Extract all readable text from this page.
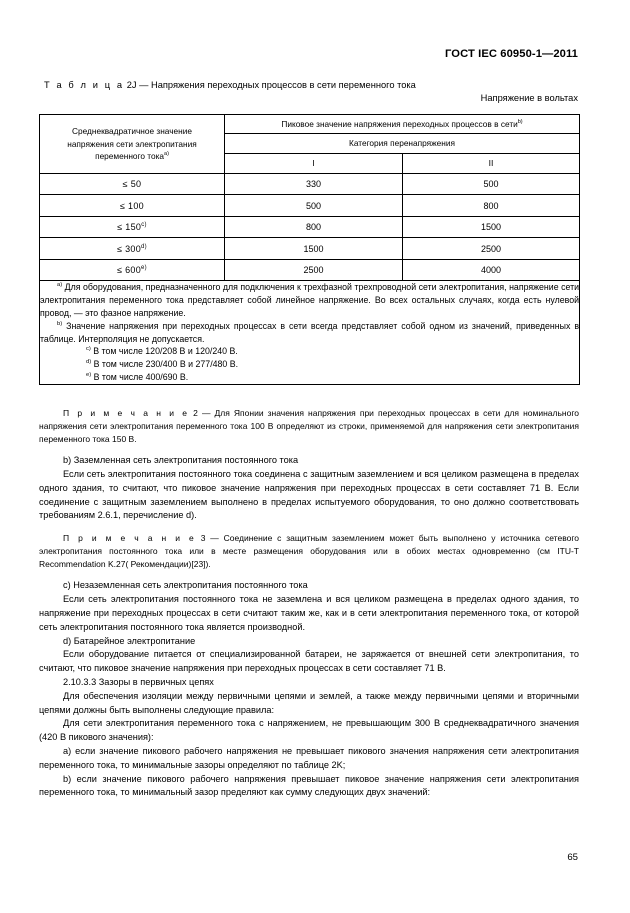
ГОСТ IEC 60950-1—2011
Т а б л и ц а 2J — Напряжения переходных процессов в сети переменного тока
Напряжение в вольтах
Среднеквадратичное значение напряжения сети электропитания переменного тока$^{a)}$	Пиковое значение напряжения переходных процессов в сети$^{b)}$
	Категория перенапряжения	
	I	II
≤ 50	330	500
≤ 100	500	800
≤ $150^{c)}$	800	1500
≤ $300^{d)}$	1500	2500
≤ $600^{e)}$	2500	4000

$^{a)}$ Для оборудования, предназначенного для подключения к трехфазной трехпроводной сети электропитания, напряжение сети электропитания переменного тока представляет собой линейное напряжение. Во всех остальных случаях, когда есть нулевой провод, — это фазное напряжение.

$^{b)}$ Значение напряжения при переходных процессах в сети всегда представляет собой одном из значений, приведенных в таблице. Интерполяция не допускается.

$^{c)}$ В том числе 120/208 В и 120/240 В.

$^{d)}$ В том числе 230/400 В и 277/480 В.

$^{e)}$ В том числе 400/690 В.		

П р и м е ч а н и е 2 — Для Японии значения напряжения при переходных процессах в сети для номинального напряжения сети электропитания переменного тока 100 В определяют из строки, применяемой для напряжения сети электропитания переменного тока 150 В.

b) Заземленная сеть электропитания постоянного тока

Если сеть электропитания постоянного тока соединена с защитным заземлением и вся целиком размещена в пределах одного здания, то считают, что пиковое значение напряжения при переходных процессах в сети составляет 71 В. Если соединение с защитным заземлением выполнено в пределах испытуемого оборудования, то оно должно соответствовать требованиям 2.6.1, перечисление d).

П р и м е ч а н и е 3 — Соединение с защитным заземлением может быть выполнено у источника сетевого электропитания постоянного тока или в месте размещения оборудования или в обоих местах одновременно (см ITU-T Recommendation K.27( Рекомендации)[23]).

c) Незаземленная сеть электропитания постоянного тока

Если сеть электропитания постоянного тока не заземлена и вся целиком размещена в пределах одного здания, то напряжение при переходных процессах в сети считают таким же, как и в сети электропитания переменного тока, от которой сеть электропитания постоянного тока является производной.

d) Батарейное электропитание

Если оборудование питается от специализированной батареи, не заряжается от внешней сети электропитания, то считают, что пиковое значение напряжения при переходных процессах в сети составляет 71 В.

2.10.3.3 Зазоры в первичных цепях

Для обеспечения изоляции между первичными цепями и землей, а также между первичными цепями и вторичными цепями должны быть выполнены следующие правила:

Для сети электропитания переменного тока с напряжением, не превышающим 300 В среднеквадратичного значения (420 В пикового значения):

a) если значение пикового рабочего напряжения не превышает пикового значения напряжения сети электропитания переменного тока, то минимальные зазоры определяют по таблице 2K;

b) если значение пикового рабочего напряжения превышает пиковое значение напряжения сети электропитания переменного тока, то минимальный зазор пределяют как сумму следующих двух значений:

65
